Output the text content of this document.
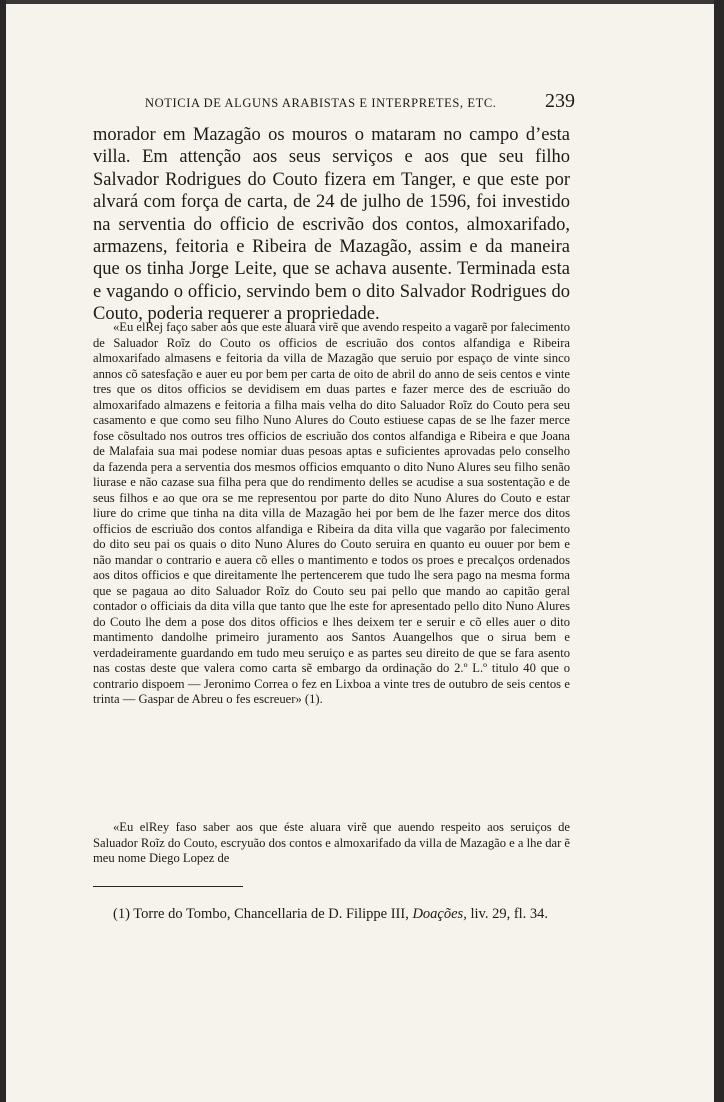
NOTICIA DE ALGUNS ARABISTAS E INTERPRETES, ETC. 239

morador em Mazagão os mouros o mataram no campo d’esta villa. Em attenção aos seus serviços e aos que seu filho Salvador Rodrigues do Couto fizera em Tanger, e que este por alvará com força de carta, de 24 de julho de 1596, foi investido na serventia do officio de escrivão dos contos, almoxarifado, armazens, feitoria e Ribeira de Mazagão, assim e da maneira que os tinha Jorge Leite, que se achava ausente. Terminada esta e vagando o officio, servindo bem o dito Salvador Rodrigues do Couto, poderia requerer a propriedade.

«Eu elRej faço saber aos que este aluara virẽ que avendo respeito a vagarẽ por falecimento de Saluador Roĩz do Couto os officios de escriuão dos contos alfandiga e Ribeira almoxarifado almasens e feitoria da villa de Mazagão que seruio por espaço de vinte sinco annos cõ satesfação e auer eu por bem per carta de oito de abril do anno de seis centos e vinte tres que os ditos officios se devidisem em duas partes e fazer merce des de escriuão do almoxarifado almazens e feitoria a filha mais velha do dito Saluador Roĩz do Couto pera seu casamento e que como seu filho Nuno Alures do Couto estiuese capas de se lhe fazer merce fose cõsultado nos outros tres officios de escriuão dos contos alfandiga e Ribeira e que Joana de Malafaia sua mai podese nomiar duas pesoas aptas e suficientes aprovadas pelo conselho da fazenda pera a serventia dos mesmos officios emquanto o dito Nuno Alures seu filho senão liurase e não cazase sua filha pera que do rendimento delles se acudise a sua sostentação e de seus filhos e ao que ora se me representou por parte do dito Nuno Alures do Couto e estar liure do crime que tinha na dita villa de Mazagão hei por bem de lhe fazer merce dos ditos officios de escriuão dos contos alfandiga e Ribeira da dita villa que vagarão por falecimento do dito seu pai os quais o dito Nuno Alures do Couto seruira en quanto eu ouuer por bem e não mandar o contrario e auera cõ elles o mantimento e todos os proes e precalços ordenados aos ditos officios e que direitamente lhe pertencerem que tudo lhe sera pago na mesma forma que se pagaua ao dito Saluador Roĩz do Couto seu pai pello que mando ao capitão geral contador o officiais da dita villa que tanto que lhe este for apresentado pello dito Nuno Alures do Couto lhe dem a pose dos ditos officios e lhes deixem ter e seruir e cõ elles auer o dito mantimento dandolhe primeiro juramento aos Santos Auangelhos que o sirua bem e verdadeiramente guardando em tudo meu seruiço e as partes seu direito de que se fara asento nas costas deste que valera como carta sẽ embargo da ordinação do 2.º L.º titulo 40 que o contrario dispoem — Jeronimo Correa o fez en Lixboa a vinte tres de outubro de seis centos e trinta — Gaspar de Abreu o fes escreuer» (1).

«Eu elRey faso saber aos que éste aluara virẽ que auendo respeito aos seruiços de Saluador Roĩz do Couto, escryuão dos contos e almoxarifado da villa de Mazagão e a lhe dar ẽ meu nome Diego Lopez de

(1) Torre do Tombo, Chancellaria de D. Filippe III, Doações, liv. 29, fl. 34.
